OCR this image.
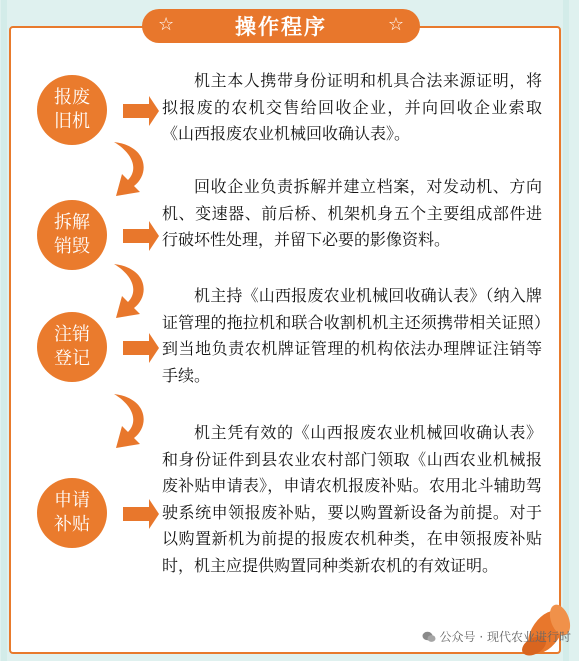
☆	操作程序	☆
报废
旧机

机主本人携带身份证明和机具合法来源证明，将拟报废的农机交售给回收企业，并向回收企业索取《山西报废农业机械回收确认表》。

拆解
销毁

回收企业负责拆解并建立档案，对发动机、方向机、变速器、前后桥、机架机身五个主要组成部件进行破坏性处理，并留下必要的影像资料。

注销
登记

机主持《山西报废农业机械回收确认表》（纳入牌证管理的拖拉机和联合收割机机主还须携带相关证照）到当地负责农机牌证管理的机构依法办理牌证注销等手续。

申请
补贴

机主凭有效的《山西报废农业机械回收确认表》和身份证件到县农业农村部门领取《山西农业机械报废补贴申请表》，申请农机报废补贴。农用北斗辅助驾驶系统申领报废补贴，要以购置新设备为前提。对于以购置新机为前提的报废农机种类，在申领报废补贴时，机主应提供购置同种类新农机的有效证明。

公众号 · 现代农业进行时
